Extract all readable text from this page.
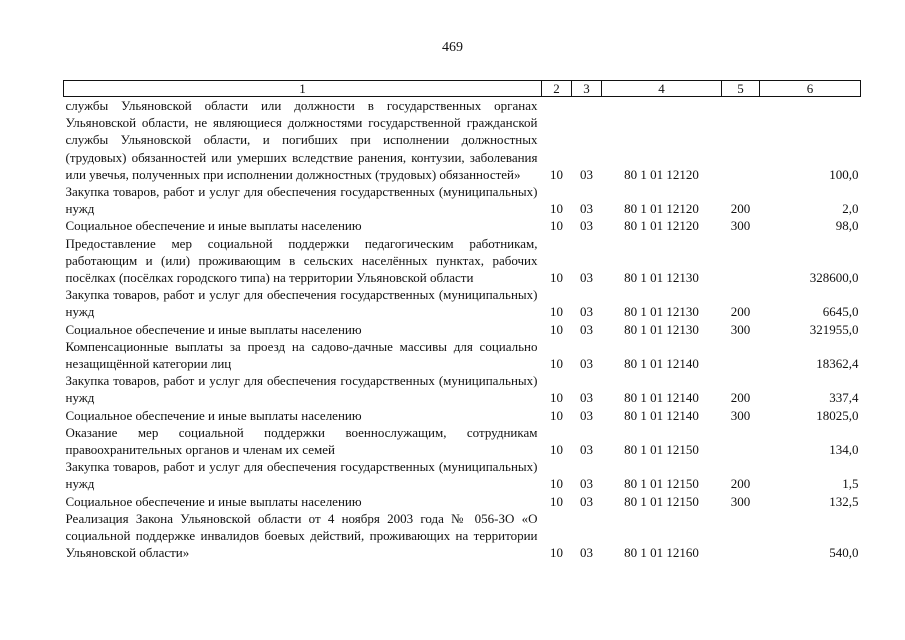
469
1	2	3	4	5	6
службы Ульяновской области или должности в государственных органах Ульяновской области, не являющиеся должностями государственной гражданской службы Ульяновской области, и погибших при исполнении должностных (трудовых) обязанностей или умерших вследствие ранения, контузии, заболевания или увечья, полученных при исполнении должностных (трудовых) обязанностей»	10	03	80 1 01 12120		100,0
Закупка товаров, работ и услуг для обеспечения государственных (муниципальных) нужд	10	03	80 1 01 12120	200	2,0
Социальное обеспечение и иные выплаты населению	10	03	80 1 01 12120	300	98,0
Предоставление мер социальной поддержки педагогическим работникам, работающим и (или) проживающим в сельских населённых пунктах, рабочих посёлках (посёлках городского типа) на территории Ульяновской области	10	03	80 1 01 12130		328600,0
Закупка товаров, работ и услуг для обеспечения государственных (муниципальных) нужд	10	03	80 1 01 12130	200	6645,0
Социальное обеспечение и иные выплаты населению	10	03	80 1 01 12130	300	321955,0
Компенсационные выплаты за проезд на садово-дачные массивы для социально незащищённой категории лиц	10	03	80 1 01 12140		18362,4
Закупка товаров, работ и услуг для обеспечения государственных (муниципальных) нужд	10	03	80 1 01 12140	200	337,4
Социальное обеспечение и иные выплаты населению	10	03	80 1 01 12140	300	18025,0
Оказание мер социальной поддержки военнослужащим, сотрудникам правоохранительных органов и членам их семей	10	03	80 1 01 12150		134,0
Закупка товаров, работ и услуг для обеспечения государственных (муниципальных) нужд	10	03	80 1 01 12150	200	1,5
Социальное обеспечение и иные выплаты населению	10	03	80 1 01 12150	300	132,5
Реализация Закона Ульяновской области от 4 ноября 2003 года № 056-ЗО «О социальной поддержке инвалидов боевых действий, проживающих на территории Ульяновской области»	10	03	80 1 01 12160		540,0
